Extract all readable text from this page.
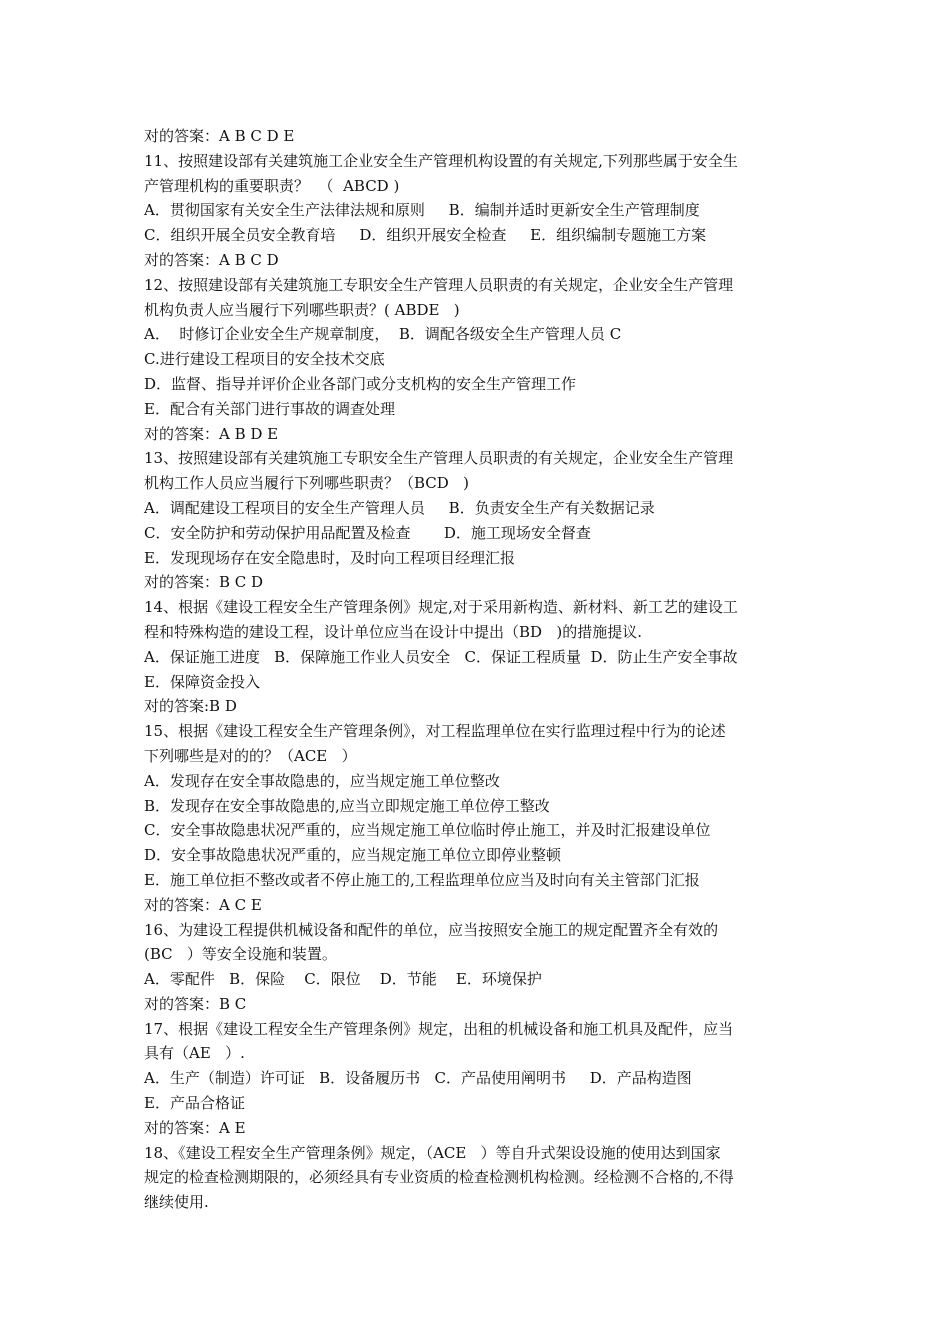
对的答案：A B C D E
11、按照建设部有关建筑施工企业安全生产管理机构设置的有关规定,下列那些属于安全生
产管理机构的重要职责？  （  ABCD )
A．贯彻国家有关安全生产法律法规和原则     B．编制并适时更新安全生产管理制度
C．组织开展全员安全教育培     D．组织开展安全检查     E．组织编制专题施工方案
对的答案：A B C D
12、按照建设部有关建筑施工专职安全生产管理人员职责的有关规定，企业安全生产管理
机构负责人应当履行下列哪些职责？( ABDE   )
A．  时修订企业安全生产规章制度，  B．调配各级安全生产管理人员 C
C.进行建设工程项目的安全技术交底
D．监督、指导并评价企业各部门或分支机构的安全生产管理工作
E．配合有关部门进行事故的调查处理
对的答案：A B D E
13、按照建设部有关建筑施工专职安全生产管理人员职责的有关规定，企业安全生产管理
机构工作人员应当履行下列哪些职责？（BCD   )
A．调配建设工程项目的安全生产管理人员     B．负责安全生产有关数据记录
C．安全防护和劳动保护用品配置及检查       D．施工现场安全督查
E．发现现场存在安全隐患时，及时向工程项目经理汇报
对的答案：B C D
14、根据《建设工程安全生产管理条例》规定,对于采用新构造、新材料、新工艺的建设工
程和特殊构造的建设工程，设计单位应当在设计中提出（BD   )的措施提议.
A．保证施工进度   B．保障施工作业人员安全   C．保证工程质量  D．防止生产安全事故
E．保障资金投入
对的答案:B D
15、根据《建设工程安全生产管理条例》，对工程监理单位在实行监理过程中行为的论述
下列哪些是对的的？（ACE   ）
A．发现存在安全事故隐患的，应当规定施工单位整改
B．发现存在安全事故隐患的,应当立即规定施工单位停工整改
C．安全事故隐患状况严重的，应当规定施工单位临时停止施工，并及时汇报建设单位
D．安全事故隐患状况严重的，应当规定施工单位立即停业整顿
E．施工单位拒不整改或者不停止施工的,工程监理单位应当及时向有关主管部门汇报
对的答案：A C E
16、为建设工程提供机械设备和配件的单位，应当按照安全施工的规定配置齐全有效的
(BC   ）等安全设施和装置。
A．零配件   B．保险    C．限位    D．节能    E．环境保护
对的答案：B C
17、根据《建设工程安全生产管理条例》规定，出租的机械设备和施工机具及配件，应当
具有（AE   ）.
A．生产（制造）许可证   B．设备履历书   C．产品使用阐明书     D．产品构造图
E．产品合格证
对的答案：A E
18、《建设工程安全生产管理条例》规定，（ACE   ）等自升式架设设施的使用达到国家
规定的检查检测期限的，必须经具有专业资质的检查检测机构检测。经检测不合格的,不得
继续使用.
